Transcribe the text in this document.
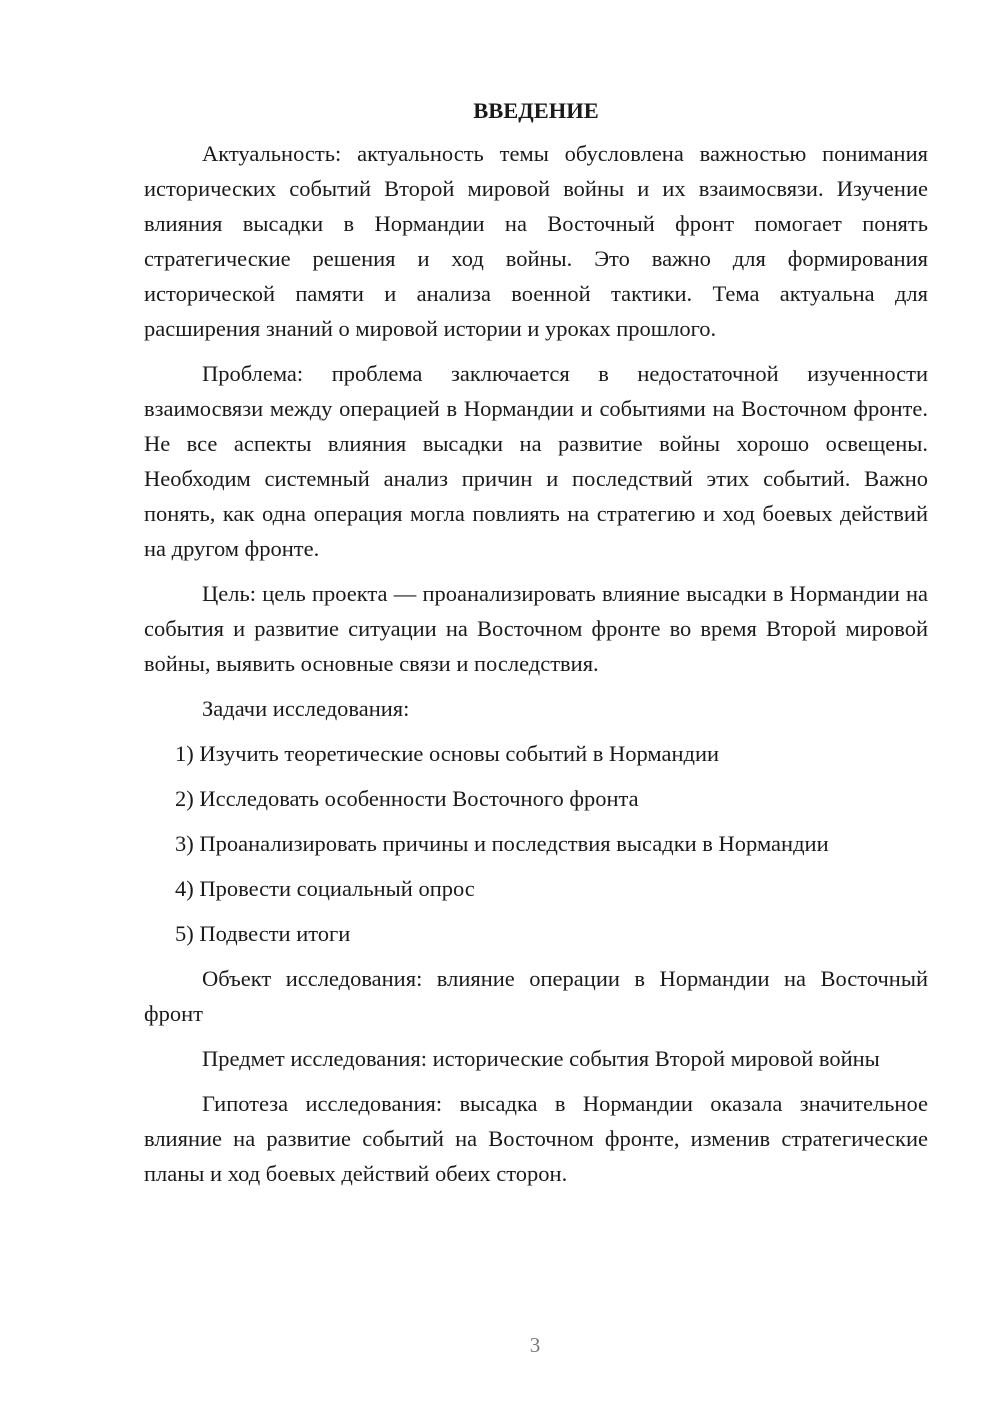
ВВЕДЕНИЕ

Актуальность: актуальность темы обусловлена важностью понимания исторических событий Второй мировой войны и их взаимосвязи. Изучение влияния высадки в Нормандии на Восточный фронт помогает понять стратегические решения и ход войны. Это важно для формирования исторической памяти и анализа военной тактики. Тема актуальна для расширения знаний о мировой истории и уроках прошлого.

Проблема: проблема заключается в недостаточной изученности взаимосвязи между операцией в Нормандии и событиями на Восточном фронте. Не все аспекты влияния высадки на развитие войны хорошо освещены. Необходим системный анализ причин и последствий этих событий. Важно понять, как одна операция могла повлиять на стратегию и ход боевых действий на другом фронте.

Цель: цель проекта — проанализировать влияние высадки в Нормандии на события и развитие ситуации на Восточном фронте во время Второй мировой войны, выявить основные связи и последствия.

Задачи исследования:

1) Изучить теоретические основы событий в Нормандии
2) Исследовать особенности Восточного фронта
3) Проанализировать причины и последствия высадки в Нормандии
4) Провести социальный опрос
5) Подвести итоги

Объект исследования: влияние операции в Нормандии на Восточный фронт

Предмет исследования: исторические события Второй мировой войны

Гипотеза исследования: высадка в Нормандии оказала значительное влияние на развитие событий на Восточном фронте, изменив стратегические планы и ход боевых действий обеих сторон.

3
